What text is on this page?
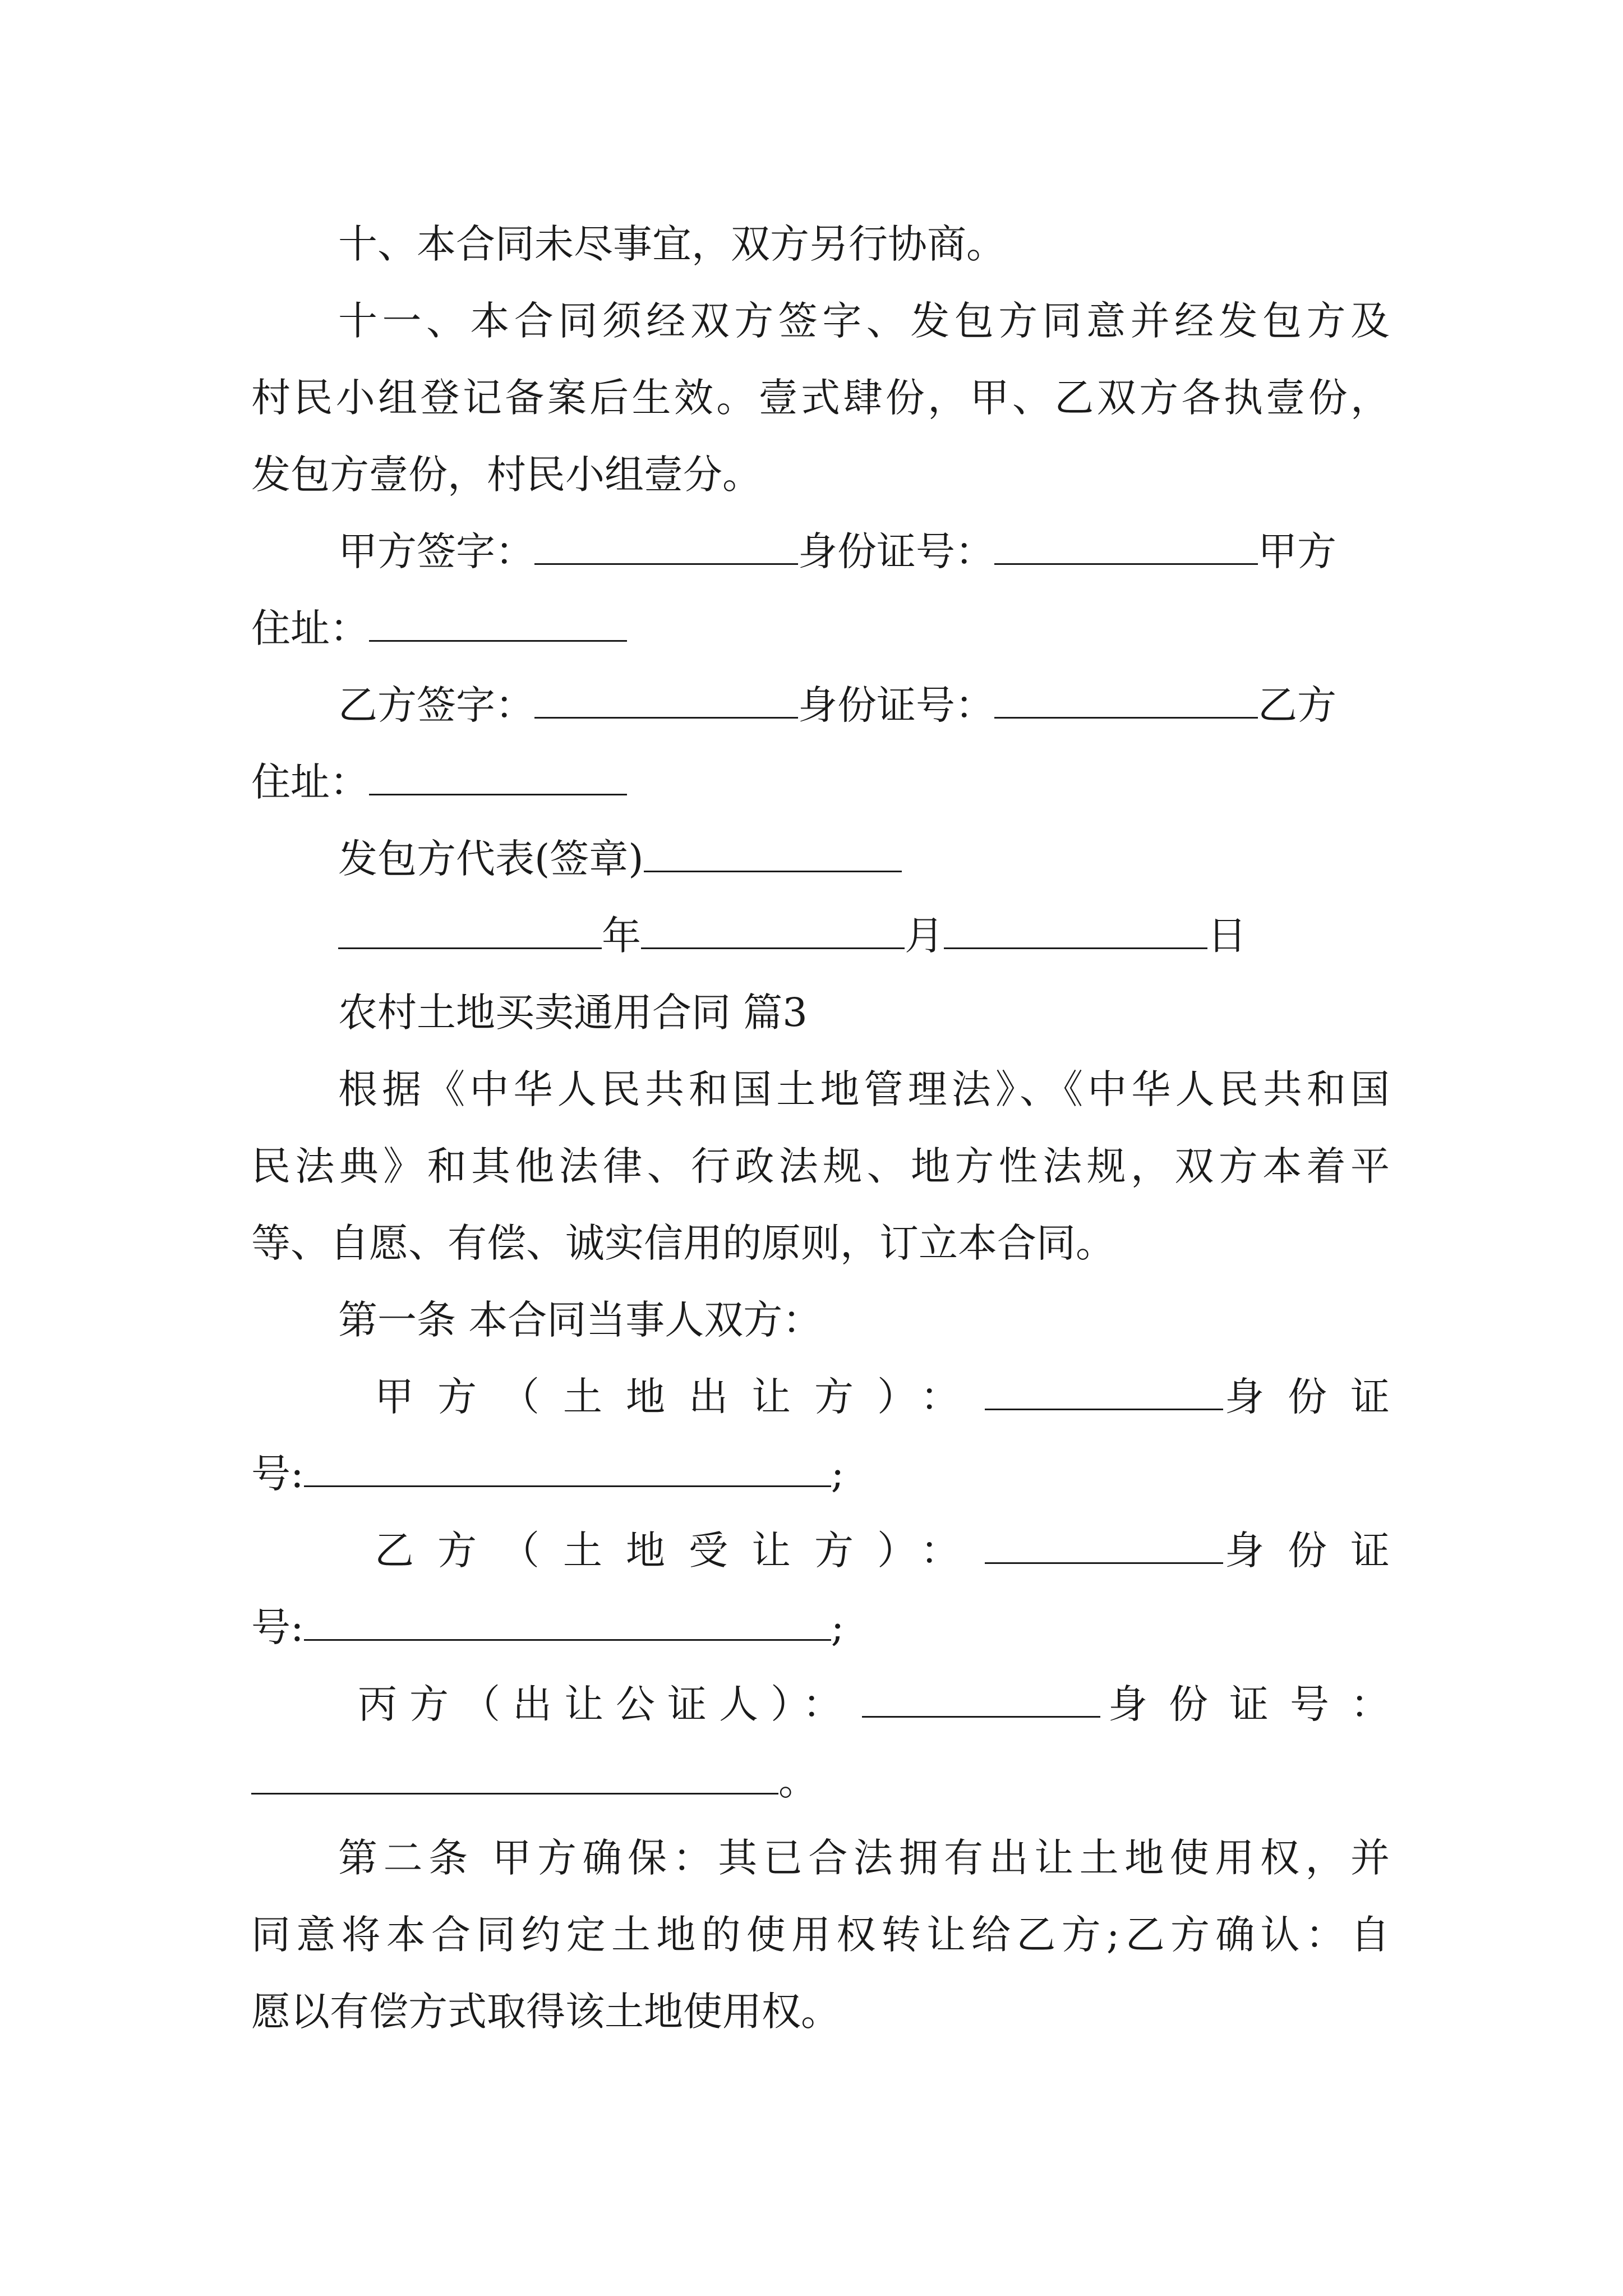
十、本合同未尽事宜，双方另行协商。
十一、本合同须经双方签字、发包方同意并经发包方及
村民小组登记备案后生效。壹式肆份，甲、乙双方各执壹份，
发包方壹份，村民小组壹分。
甲方签字：	身份证号：	甲方
住址：
乙方签字：	身份证号：	乙方
住址：
发包方代表(签章)
年	月	日
农村土地买卖通用合同 篇3
根据《中华人民共和国土地管理法》、《中华人民共和国
民法典》和其他法律、行政法规、地方性法规，双方本着平
等、自愿、有偿、诚实信用的原则，订立本合同。
第一条 本合同当事人双方：
甲方（土地出让方）：	身份证
号:	;
乙方（土地受让方）：	身份证
号:	;
丙方（出让公证人）：	身份证号：
。
第二条 甲方确保：其已合法拥有出让土地使用权，并
同意将本合同约定土地的使用权转让给乙方;乙方确认：自
愿以有偿方式取得该土地使用权。
